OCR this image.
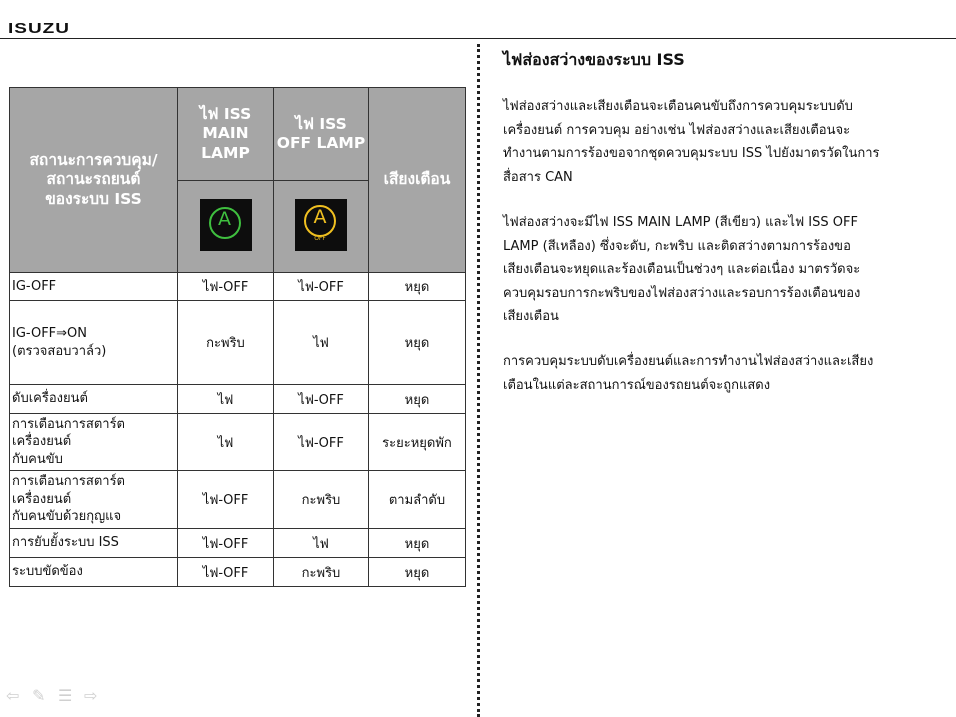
ISUZU
สถานะการควบคุม/
สถานะรถยนต์
ของระบบ ISS	ไฟ ISS
MAIN
LAMP	ไฟ ISS
OFF LAMP	เสียงเตือน

	A	A
OFF	

IG-OFF	ไฟ-OFF	ไฟ-OFF	หยุด
IG-OFF⇒ON
(ตรวจสอบวาล์ว)	กะพริบ	ไฟ	หยุด
ดับเครื่องยนต์	ไฟ	ไฟ-OFF	หยุด
การเตือนการสตาร์ต
เครื่องยนต์
กับคนขับ	ไฟ	ไฟ-OFF	ระยะหยุดพัก
การเตือนการสตาร์ต
เครื่องยนต์
กับคนขับด้วยกุญแจ	ไฟ-OFF	กะพริบ	ตามลำดับ
การยับยั้งระบบ ISS	ไฟ-OFF	ไฟ	หยุด
ระบบขัดข้อง	ไฟ-OFF	กะพริบ	หยุด
ไฟส่องสว่างของระบบ ISS
ไฟส่องสว่างและเสียงเตือนจะเตือนคนขับถึงการควบคุมระบบดับ
เครื่องยนต์ การควบคุม อย่างเช่น ไฟส่องสว่างและเสียงเตือนจะ
ทำงานตามการร้องขอจากชุดควบคุมระบบ ISS ไปยังมาตรวัดในการ
สื่อสาร CAN
ไฟส่องสว่างจะมีไฟ ISS MAIN LAMP (สีเขียว) และไฟ ISS OFF
LAMP (สีเหลือง) ซึ่งจะดับ, กะพริบ และติดสว่างตามการร้องขอ
เสียงเตือนจะหยุดและร้องเตือนเป็นช่วงๆ และต่อเนื่อง มาตรวัดจะ
ควบคุมรอบการกะพริบของไฟส่องสว่างและรอบการร้องเตือนของ
เสียงเตือน
การควบคุมระบบดับเครื่องยนต์และการทำงานไฟส่องสว่างและเสียง
เตือนในแต่ละสถานการณ์ของรถยนต์จะถูกแสดง
⇦ ✎ ☰ ⇨
